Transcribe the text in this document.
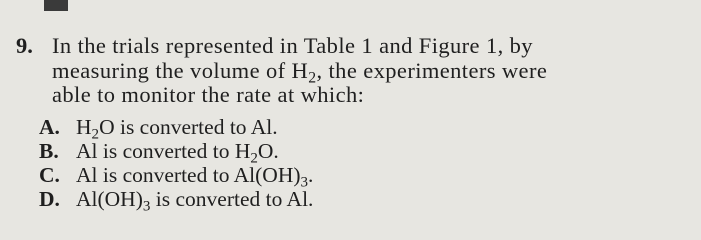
9. In the trials represented in Table 1 and Figure 1, by
measuring the volume of $H_2$, the experimenters were
able to monitor the rate at which:
A. $H_2O$ is converted to Al.
B. Al is converted to $H_2O$.
C. Al is converted to $Al(OH)_3$.
D. $Al(OH)_3$ is converted to Al.
